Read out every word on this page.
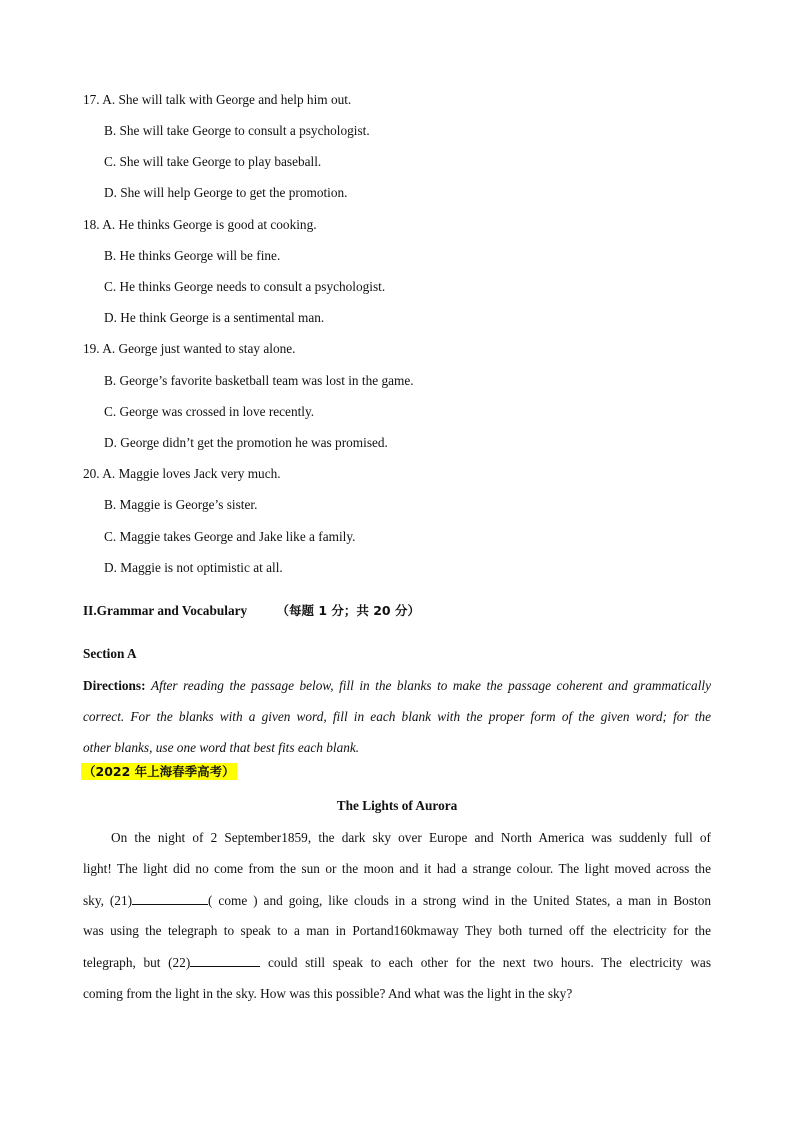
17. A. She will talk with George and help him out.
B. She will take George to consult a psychologist.
C. She will take George to play baseball.
D. She will help George to get the promotion.
18. A. He thinks George is good at cooking.
B. He thinks George will be fine.
C. He thinks George needs to consult a psychologist.
D. He think George is a sentimental man.
19. A. George just wanted to stay alone.
B. George’s favorite basketball team was lost in the game.
C. George was crossed in love recently.
D. George didn’t get the promotion he was promised.
20. A. Maggie loves Jack very much.
B. Maggie is George’s sister.
C. Maggie takes George and Jake like a family.
D. Maggie is not optimistic at all.
II.Grammar and Vocabulary （每题 1 分；共 20 分）
Section A
Directions: After reading the passage below, fill in the blanks to make the passage coherent and grammatically
correct. For the blanks with a given word, fill in each blank with the proper form of the given word; for the
other blanks, use one word that best fits each blank.
（2022 年上海春季高考）
The Lights of Aurora
On the night of 2 September1859, the dark sky over Europe and North America was suddenly full of
light! The light did no come from the sun or the moon and it had a strange colour. The light moved across the
sky, (21)	( come ) and going, like clouds in a strong wind in the United States, a man in Boston
was using the telegraph to speak to a man in Portand160kmaway They both turned off the electricity for the
telegraph, but (22)	could still speak to each other for the next two hours. The electricity was
coming from the light in the sky. How was this possible? And what was the light in the sky?
